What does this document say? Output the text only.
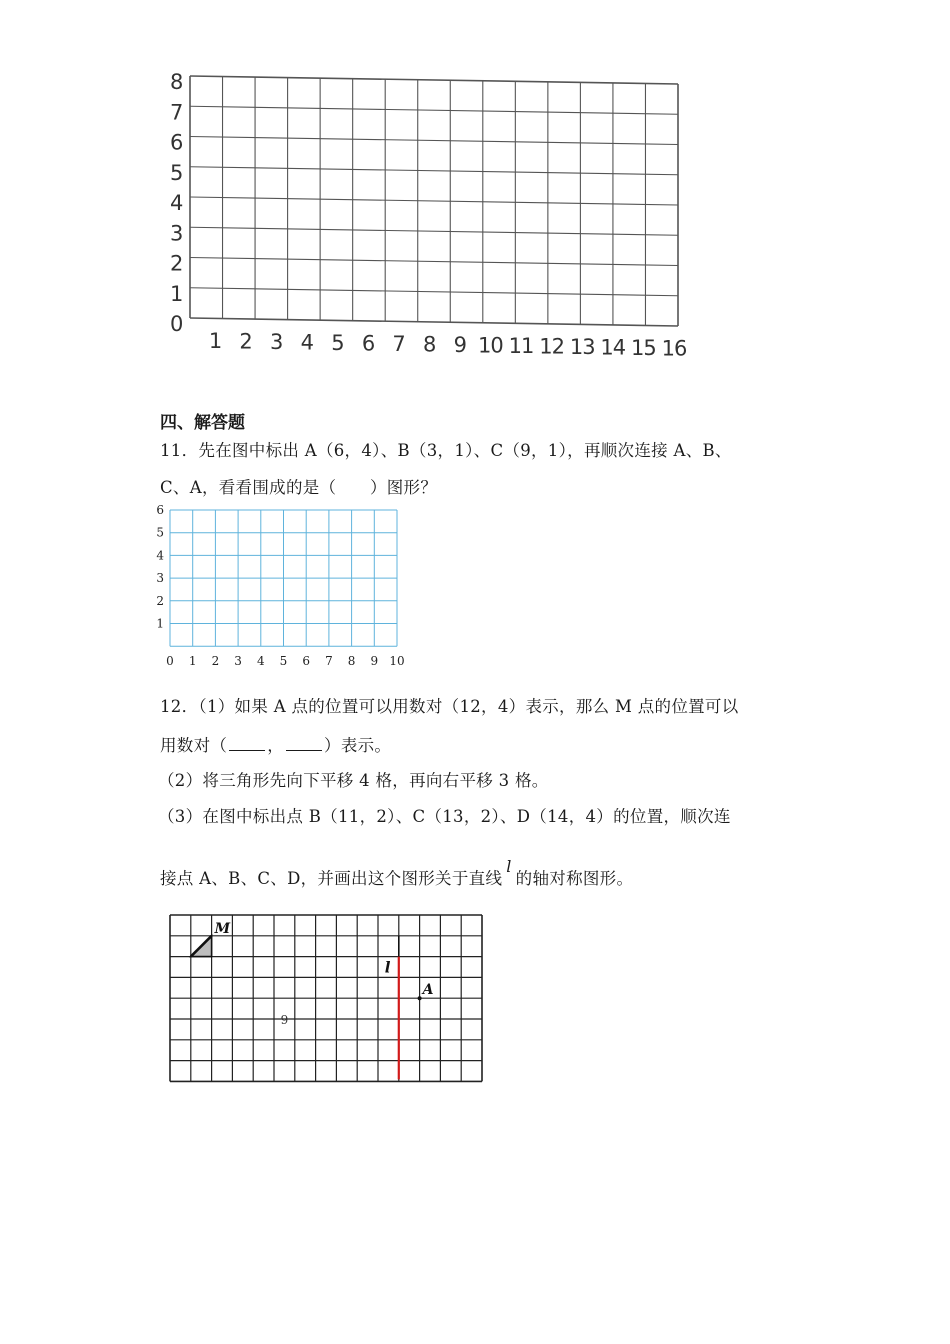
0
1
2
3
4
5
6
7
8
1 2 3 4 5 6 7 8 9 10 11 12 13 14 15 16
四、解答题
11．先在图中标出 A（6，4）、B（3，1）、C（9，1），再顺次连接 A、B、
C、A，看看围成的是（　　）图形？
0 1 2 3 4 5 6 7 8 9 10
1
2
3
4
5
6
12．（1）如果 A 点的位置可以用数对（12，4）表示，那么 M 点的位置可以
用数对（ ， ）表示。
（2）将三角形先向下平移 4 格，再向右平移 3 格。
（3）在图中标出点 B（11，2）、C（13，2）、D（14，4）的位置，顺次连
接点 A、B、C、D，并画出这个图形关于直线l的轴对称图形。
M
l
A
9
